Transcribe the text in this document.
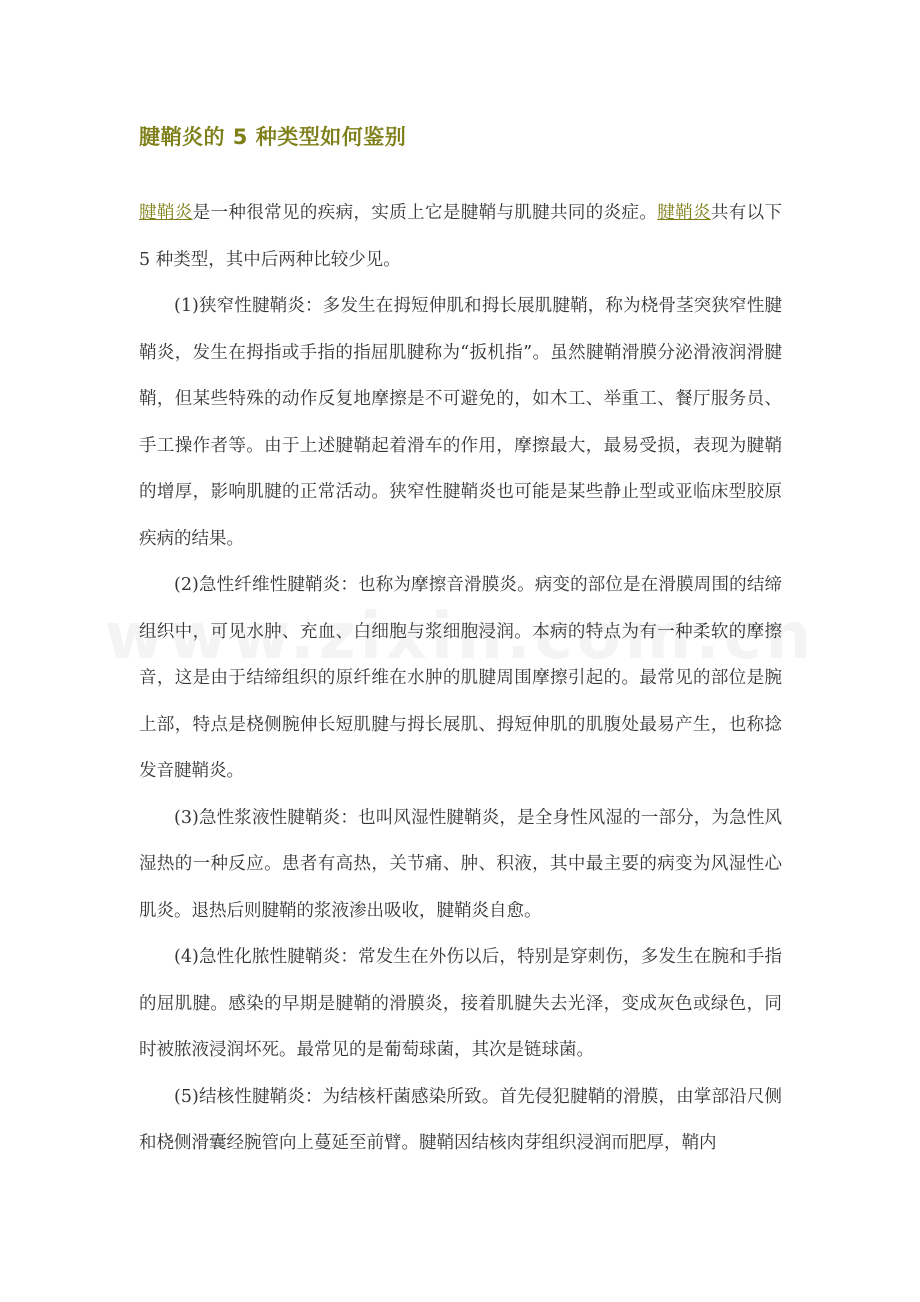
腱鞘炎的 5 种类型如何鉴别

腱鞘炎是一种很常见的疾病，实质上它是腱鞘与肌腱共同的炎症。腱鞘炎共有以下 5 种类型，其中后两种比较少见。

(1)狭窄性腱鞘炎：多发生在拇短伸肌和拇长展肌腱鞘，称为桡骨茎突狭窄性腱鞘炎，发生在拇指或手指的指屈肌腱称为“扳机指”。虽然腱鞘滑膜分泌滑液润滑腱鞘，但某些特殊的动作反复地摩擦是不可避免的，如木工、举重工、餐厅服务员、手工操作者等。由于上述腱鞘起着滑车的作用，摩擦最大，最易受损，表现为腱鞘的增厚，影响肌腱的正常活动。狭窄性腱鞘炎也可能是某些静止型或亚临床型胶原疾病的结果。

(2)急性纤维性腱鞘炎：也称为摩擦音滑膜炎。病变的部位是在滑膜周围的结缔组织中，可见水肿、充血、白细胞与浆细胞浸润。本病的特点为有一种柔软的摩擦音，这是由于结缔组织的原纤维在水肿的肌腱周围摩擦引起的。最常见的部位是腕上部，特点是桡侧腕伸长短肌腱与拇长展肌、拇短伸肌的肌腹处最易产生，也称捻发音腱鞘炎。

(3)急性浆液性腱鞘炎：也叫风湿性腱鞘炎，是全身性风湿的一部分，为急性风湿热的一种反应。患者有高热，关节痛、肿、积液，其中最主要的病变为风湿性心肌炎。退热后则腱鞘的浆液渗出吸收，腱鞘炎自愈。

(4)急性化脓性腱鞘炎：常发生在外伤以后，特别是穿刺伤，多发生在腕和手指的屈肌腱。感染的早期是腱鞘的滑膜炎，接着肌腱失去光泽，变成灰色或绿色，同时被脓液浸润坏死。最常见的是葡萄球菌，其次是链球菌。

(5)结核性腱鞘炎：为结核杆菌感染所致。首先侵犯腱鞘的滑膜，由掌部沿尺侧和桡侧滑囊经腕管向上蔓延至前臂。腱鞘因结核肉芽组织浸润而肥厚，鞘内
